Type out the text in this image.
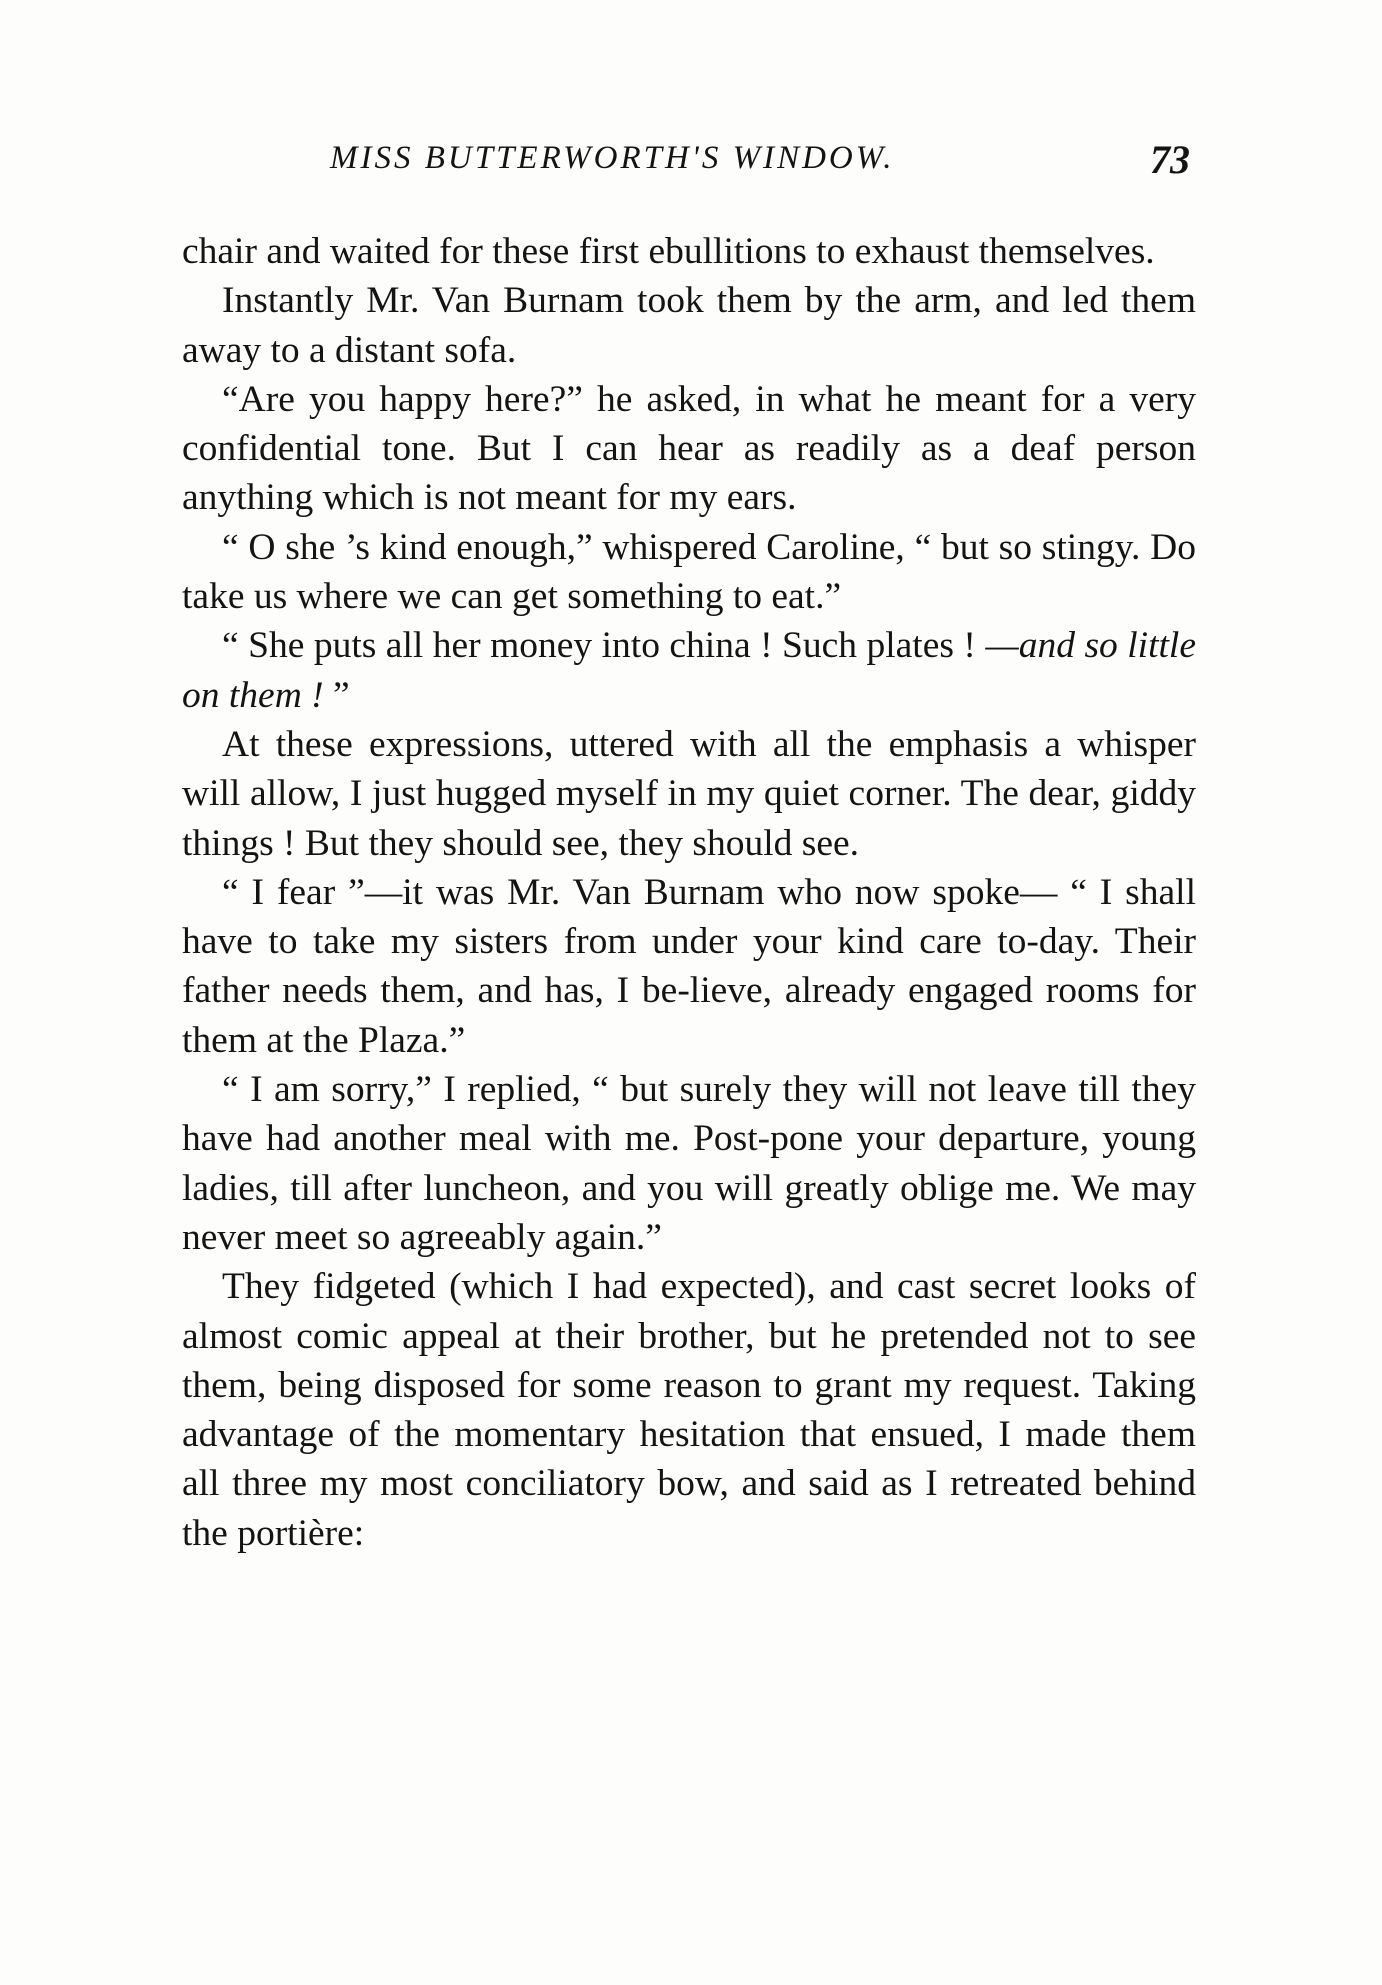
MISS BUTTERWORTH'S WINDOW.	73

chair and waited for these first ebullitions to exhaust themselves.

Instantly Mr. Van Burnam took them by the arm, and led them away to a distant sofa.

“Are you happy here?” he asked, in what he meant for a very confidential tone. But I can hear as readily as a deaf person anything which is not meant for my ears.

“ O she ’s kind enough,” whispered Caroline, “ but so stingy. Do take us where we can get something to eat.”

“ She puts all her money into china ! Such plates ! —and so little on them ! ”

At these expressions, uttered with all the emphasis a whisper will allow, I just hugged myself in my quiet corner. The dear, giddy things ! But they should see, they should see.

“ I fear ”—it was Mr. Van Burnam who now spoke— “ I shall have to take my sisters from under your kind care to-day. Their father needs them, and has, I be-lieve, already engaged rooms for them at the Plaza.”

“ I am sorry,” I replied, “ but surely they will not leave till they have had another meal with me. Post-pone your departure, young ladies, till after luncheon, and you will greatly oblige me. We may never meet so agreeably again.”

They fidgeted (which I had expected), and cast secret looks of almost comic appeal at their brother, but he pretended not to see them, being disposed for some reason to grant my request. Taking advantage of the momentary hesitation that ensued, I made them all three my most conciliatory bow, and said as I retreated behind the portière:
